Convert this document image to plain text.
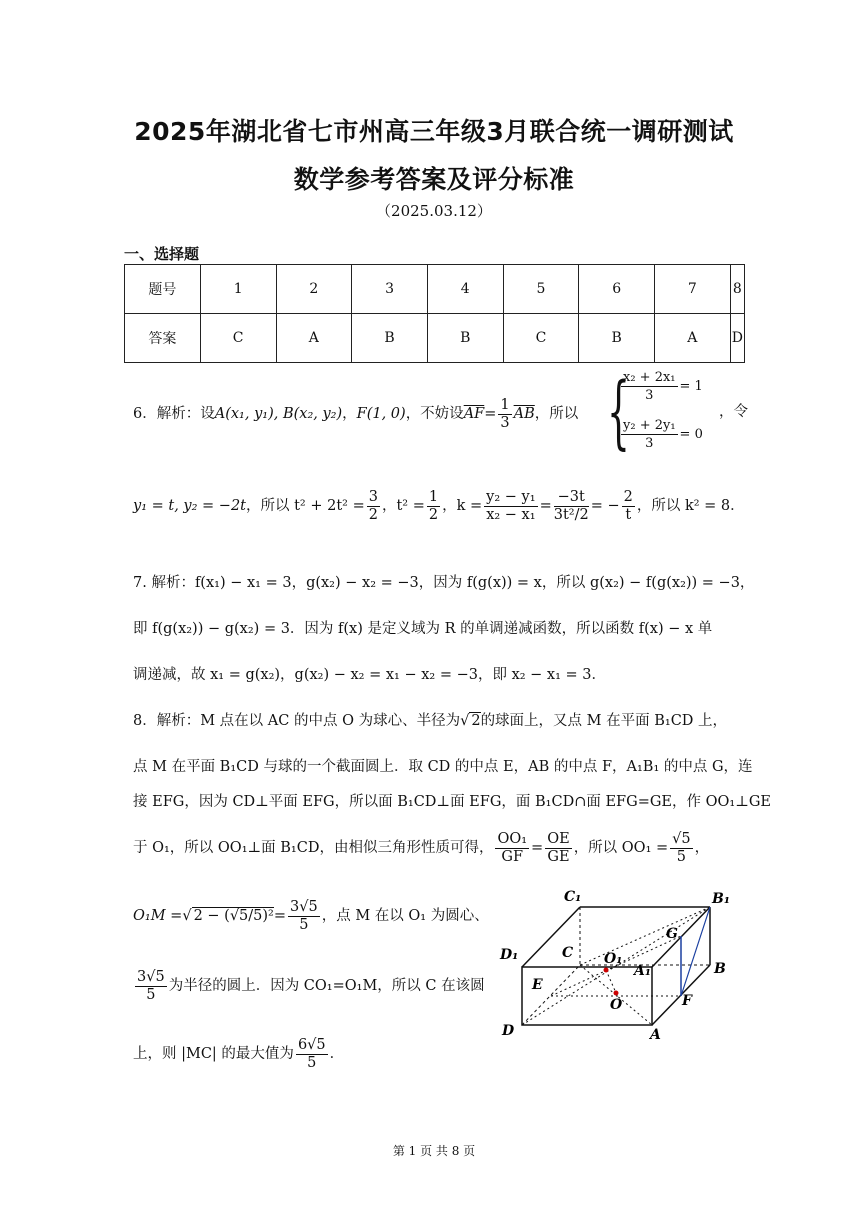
2025年湖北省七市州高三年级3月联合统一调研测试
数学参考答案及评分标准
（2025.03.12）
一、选择题
题号	1	2	3	4	5	6	7	8
答案	C	A	B	B	C	B	A	D
6．解析：设A(x₁, y₁), B(x₂, y₂)，F(1, 0)，不妨设$\overline{AF}= \frac{1}{3} \overline{AB}$，所以 {
$\frac{\text{x₂ + 2x₁}}{3} = 1$
$\frac{\text{y₂ + 2y₁}}{3} = 0$
，令
y₁ = t, y₂ = −2t，所以 $t^2 + 2t^2 = \frac{3}{2}$ ，$t^2 = \frac{1}{2}$ ，$k = \frac{\text{y₂ − y₁}}{\text{x₂ − x₁}} = \frac{-3t}{\text{3t²/2}}$ = − $\frac{2}{t}$ ，所以 k² = 8．
7. 解析：f(x₁) − x₁ = 3，g(x₂) − x₂ = −3，因为 f(g(x)) = x，所以 g(x₂) − f(g(x₂)) = −3，
即 f(g(x₂)) − g(x₂) = 3．因为 f(x) 是定义域为 R 的单调递减函数，所以函数 f(x) − x 单
调递减，故 x₁ = g(x₂)，g(x₂) − x₂ = x₁ − x₂ = −3，即 x₂ − x₁ = 3．
8．解析：M 点在以 AC 的中点 O 为球心、半径为√ 2的球面上，又点 M 在平面 B₁CD 上，
点 M 在平面 B₁CD 与球的一个截面圆上．取 CD 的中点 E，AB 的中点 F，A₁B₁ 的中点 G，连
接 EFG，因为 CD⊥平面 EFG，所以面 B₁CD⊥面 EFG，面 B₁CD∩面 EFG=GE，作 OO₁⊥GE
于 O₁，所以 OO₁⊥面 B₁CD，由相似三角形性质可得， $\frac{\text{OO₁}}{GF} = \frac{OE}{GE}$ ，所以 $OO_1 = \frac{√5}{5}$ ，
O₁M =√ $2 - (√5/5)^2= \frac{3√5}{5}$ ，点 M 在以 O₁ 为圆心、
$\frac{3√5}{5}$ 为半径的圆上．因为 CO₁=O₁M，所以 C 在该圆
上，则 |MC| 的最大值为 $\frac{6√5}{5}$ ．
C₁	B₁
G
D₁	C O₁
A₁	B
E
O	F
D	A
第 1 页 共 8 页
